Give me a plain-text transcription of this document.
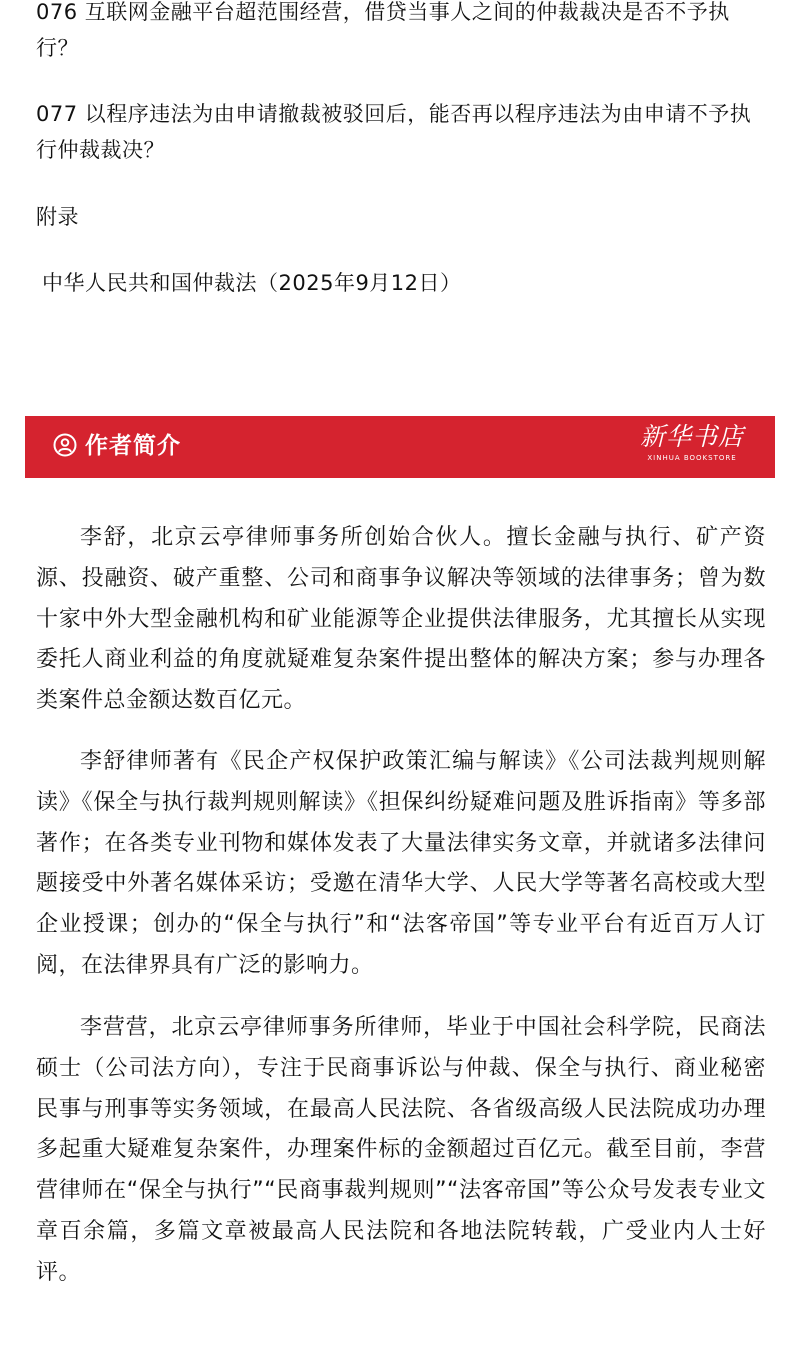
076 互联网金融平台超范围经营，借贷当事人之间的仲裁裁决是否不予执行？

077 以程序违法为由申请撤裁被驳回后，能否再以程序违法为由申请不予执行仲裁裁决？

附录

中华人民共和国仲裁法（2025年9月12日）

作者简介	新华书店
XINHUA BOOKSTORE

李舒，北京云亭律师事务所创始合伙人。擅长金融与执行、矿产资源、投融资、破产重整、公司和商事争议解决等领域的法律事务；曾为数十家中外大型金融机构和矿业能源等企业提供法律服务，尤其擅长从实现委托人商业利益的角度就疑难复杂案件提出整体的解决方案；参与办理各类案件总金额达数百亿元。

李舒律师著有《民企产权保护政策汇编与解读》《公司法裁判规则解读》《保全与执行裁判规则解读》《担保纠纷疑难问题及胜诉指南》等多部著作；在各类专业刊物和媒体发表了大量法律实务文章，并就诸多法律问题接受中外著名媒体采访；受邀在清华大学、人民大学等著名高校或大型企业授课；创办的“保全与执行”和“法客帝国”等专业平台有近百万人订阅，在法律界具有广泛的影响力。

李营营，北京云亭律师事务所律师，毕业于中国社会科学院，民商法硕士（公司法方向），专注于民商事诉讼与仲裁、保全与执行、商业秘密民事与刑事等实务领域，在最高人民法院、各省级高级人民法院成功办理多起重大疑难复杂案件，办理案件标的金额超过百亿元。截至目前，李营营律师在“保全与执行”“民商事裁判规则”“法客帝国”等公众号发表专业文章百余篇，多篇文章被最高人民法院和各地法院转载，广受业内人士好评。
